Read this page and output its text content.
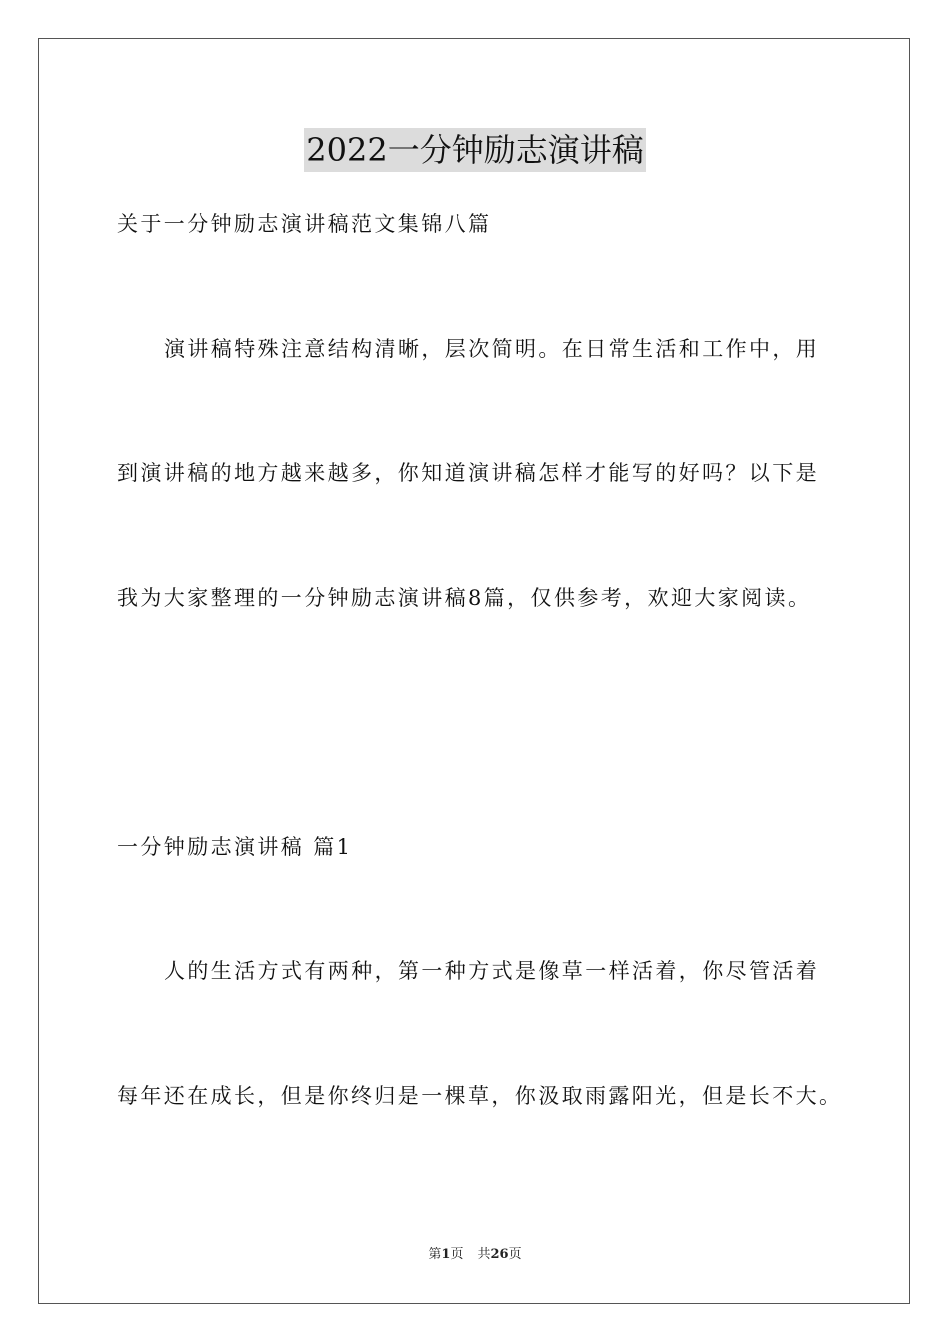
2022一分钟励志演讲稿

关于一分钟励志演讲稿范文集锦八篇

演讲稿特殊注意结构清晰，层次简明。在日常生活和工作中，用

到演讲稿的地方越来越多，你知道演讲稿怎样才能写的好吗？以下是

我为大家整理的一分钟励志演讲稿8篇，仅供参考，欢迎大家阅读。

一分钟励志演讲稿 篇1

人的生活方式有两种，第一种方式是像草一样活着，你尽管活着

每年还在成长，但是你终归是一棵草，你汲取雨露阳光，但是长不大。

第1页 共26页
